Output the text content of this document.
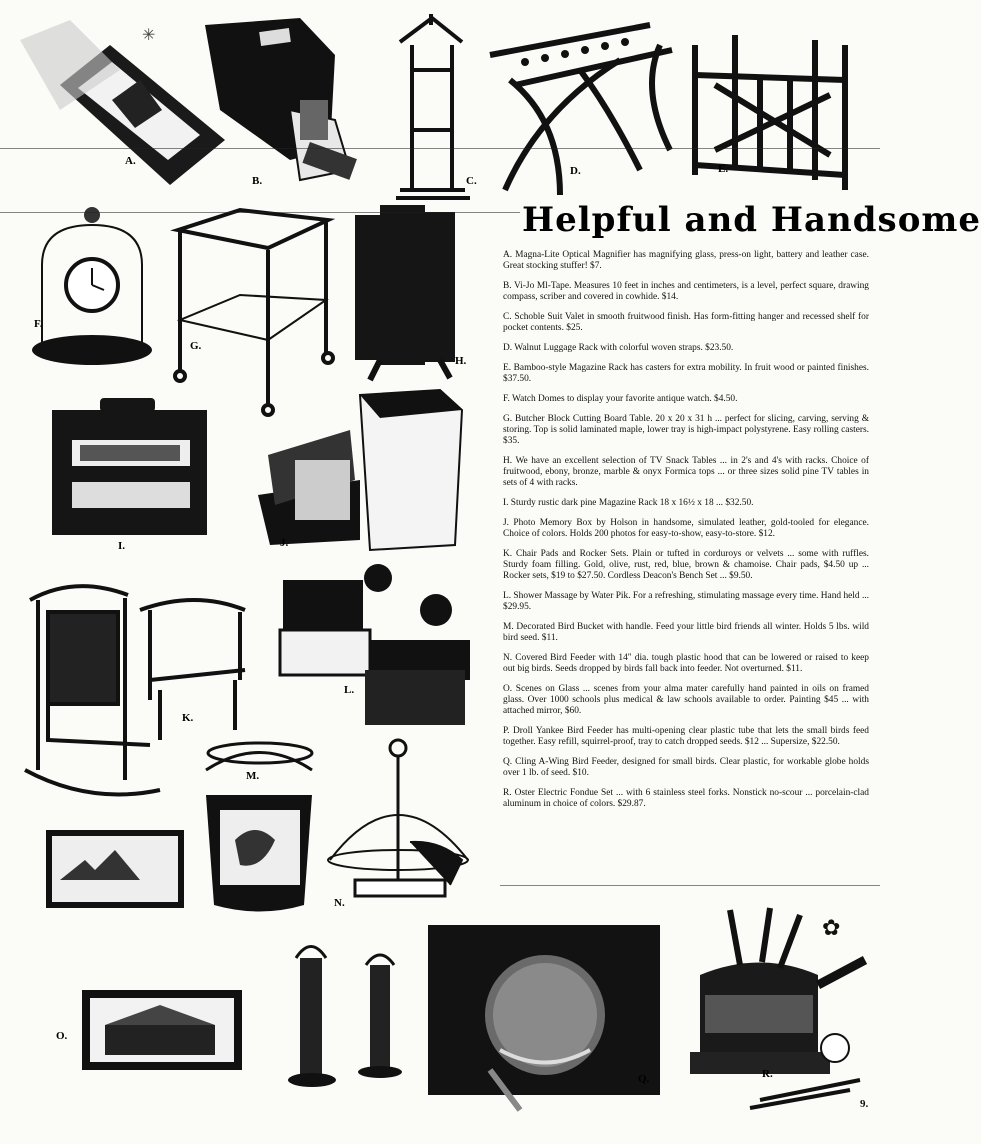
✳
✿
Helpful and Handsome

A. Magna-Lite Optical Magnifier has magnifying glass, press-on light, battery and leather case. Great stocking stuffer! $7.

B. Vi-Jo Ml-Tape. Measures 10 feet in inches and centimeters, is a level, perfect square, drawing compass, scriber and covered in cowhide. $14.

C. Schoble Suit Valet in smooth fruitwood finish. Has form-fitting hanger and recessed shelf for pocket contents. $25.

D. Walnut Luggage Rack with colorful woven straps. $23.50.

E. Bamboo-style Magazine Rack has casters for extra mobility. In fruit wood or painted finishes. $37.50.

F. Watch Domes to display your favorite antique watch. $4.50.

G. Butcher Block Cutting Board Table. 20 x 20 x 31 h ... perfect for slicing, carving, serving & storing. Top is solid laminated maple, lower tray is high-impact polystyrene. Easy rolling casters. $35.

H. We have an excellent selection of TV Snack Tables ... in 2's and 4's with racks. Choice of fruitwood, ebony, bronze, marble & onyx Formica tops ... or three sizes solid pine TV tables in sets of 4 with racks.

I. Sturdy rustic dark pine Magazine Rack 18 x 16½ x 18 ... $32.50.

J. Photo Memory Box by Holson in handsome, simulated leather, gold-tooled for elegance. Choice of colors. Holds 200 photos for easy-to-show, easy-to-store. $12.

K. Chair Pads and Rocker Sets. Plain or tufted in corduroys or velvets ... some with ruffles. Sturdy foam filling. Gold, olive, rust, red, blue, brown & chamoise. Chair pads, $4.50 up ... Rocker sets, $19 to $27.50. Cordless Deacon's Bench Set ... $9.50.

L. Shower Massage by Water Pik. For a refreshing, stimulating massage every time. Hand held ... $29.95.

M. Decorated Bird Bucket with handle. Feed your little bird friends all winter. Holds 5 lbs. wild bird seed. $11.

N. Covered Bird Feeder with 14" dia. tough plastic hood that can be lowered or raised to keep out big birds. Seeds dropped by birds fall back into feeder. Not overturned. $11.

O. Scenes on Glass ... scenes from your alma mater carefully hand painted in oils on framed glass. Over 1000 schools plus medical & law schools available to order. Painting $45 ... with attached mirror, $60.

P. Droll Yankee Bird Feeder has multi-opening clear plastic tube that lets the small birds feed together. Easy refill, squirrel-proof, tray to catch dropped seeds. $12 ... Supersize, $22.50.

Q. Cling A-Wing Bird Feeder, designed for small birds. Clear plastic, for workable globe holds over 1 lb. of seed. $10.

R. Oster Electric Fondue Set ... with 6 stainless steel forks. Nonstick no-scour ... porcelain-clad aluminum in choice of colors. $29.87.

A.
B.	C.
D.	E.
F.
G.
H.
I.	J.
K.
L.
M.
N.
O.
Q.	R.
9.
